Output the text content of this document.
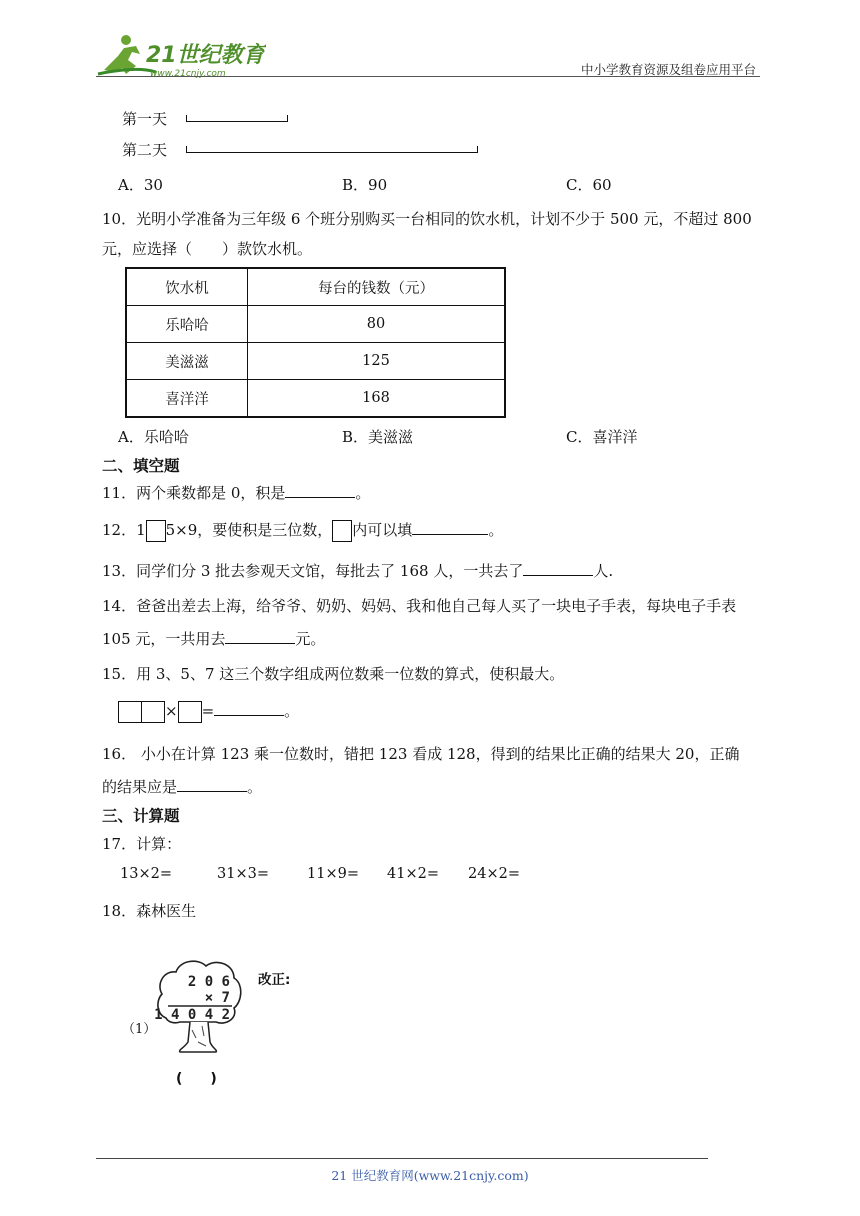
21世纪教育
www.21cnjy.com	中小学教育资源及组卷应用平台
第一天
第二天
A．30	B．90	C．60
10．光明小学准备为三年级 6 个班分别购买一台相同的饮水机，计划不少于 500 元，不超过 800
元，应选择（　　）款饮水机。
饮水机	每台的钱数（元）
乐哈哈	80
美滋滋	125
喜洋洋	168
A．乐哈哈	B．美滋滋	C．喜洋洋
二、填空题
11．两个乘数都是 0，积是	。
12．1 5×9，要使积是三位数， 内可以填	。
13．同学们分 3 批去参观天文馆，每批去了 168 人，一共去了	人.
14．爸爸出差去上海，给爷爷、奶奶、妈妈、我和他自己每人买了一块电子手表，每块电子手表
105 元，一共用去	元。
15．用 3、5、7 这三个数字组成两位数乘一位数的算式，使积最大。
× =	。
16． 小小在计算 123 乘一位数时，错把 123 看成 128，得到的结果比正确的结果大 20，正确
的结果应是	。
三、计算题
17．计算：
13×2=	31×3=	11×9= 41×2= 24×2=
18．森林医生
（1）
2 0 6
× 7
1 4 0 4 2
改正:
(　　)
21 世纪教育网(www.21cnjy.com)
